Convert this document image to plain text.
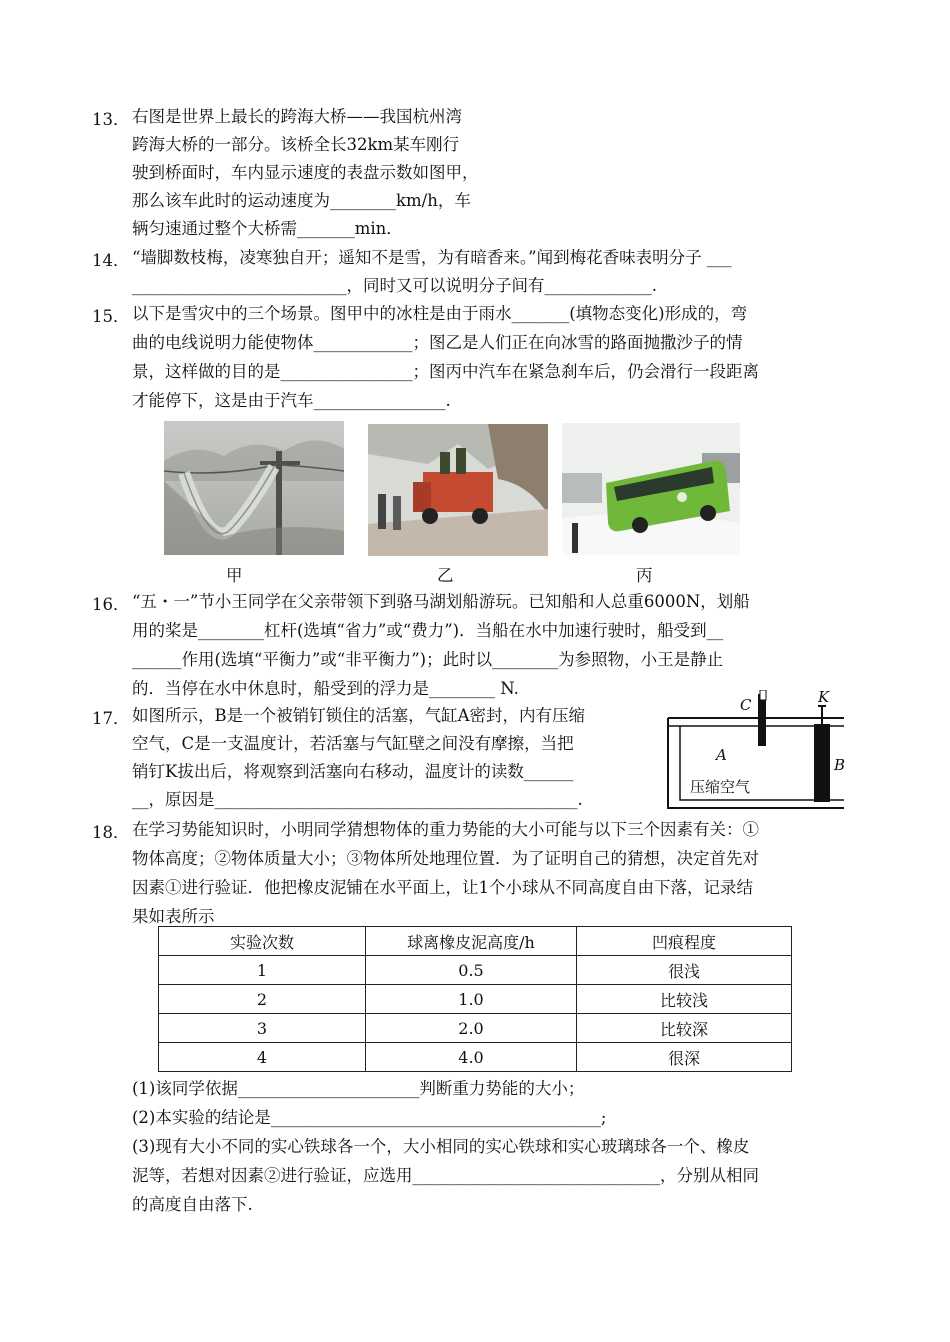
13． 右图是世界上最长的跨海大桥——我国杭州湾
跨海大桥的一部分。该桥全长32km某车刚行
驶到桥面时，车内显示速度的表盘示数如图甲，
那么该车此时的运动速度为________km/h，车
辆匀速通过整个大桥需_______min．
14． “墙脚数枝梅，凌寒独自开；遥知不是雪，为有暗香来。”闻到梅花香味表明分子 ___
__________________________，同时又可以说明分子间有_____________.
15． 以下是雪灾中的三个场景。图甲中的冰柱是由于雨水_______(填物态变化)形成的，弯
曲的电线说明力能使物体____________；图乙是人们正在向冰雪的路面抛撒沙子的情
景，这样做的目的是________________；图丙中汽车在紧急刹车后，仍会滑行一段距离
才能停下，这是由于汽车________________.
甲	乙	丙
16． “五・一”节小王同学在父亲带领下到骆马湖划船游玩。已知船和人总重6000N，划船
用的桨是________杠杆(选填“省力”或“费力”)．当船在水中加速行驶时，船受到__
______作用(选填“平衡力”或“非平衡力”)；此时以________为参照物，小王是静止
的．当停在水中休息时，船受到的浮力是________ N.
17． 如图所示，B是一个被销钉锁住的活塞，气缸A密封，内有压缩
空气，C是一支温度计，若活塞与气缸壁之间没有摩擦，当把
销钉K拔出后，将观察到活塞向右移动，温度计的读数______
__，原因是____________________________________________.
C	K
A
B
压缩空气
18． 在学习势能知识时，小明同学猜想物体的重力势能的大小可能与以下三个因素有关：①
物体高度；②物体质量大小；③物体所处地理位置．为了证明自己的猜想，决定首先对
因素①进行验证．他把橡皮泥铺在水平面上，让1个小球从不同高度自由下落，记录结
果如表所示
实验次数	球离橡皮泥高度/h	凹痕程度
1	0.5	很浅
2	1.0	比较浅
3	2.0	比较深
4	4.0	很深
(1)该同学依据______________________判断重力势能的大小；
(2)本实验的结论是________________________________________;
(3)现有大小不同的实心铁球各一个，大小相同的实心铁球和实心玻璃球各一个、橡皮
泥等，若想对因素②进行验证，应选用______________________________，分别从相同
的高度自由落下.
